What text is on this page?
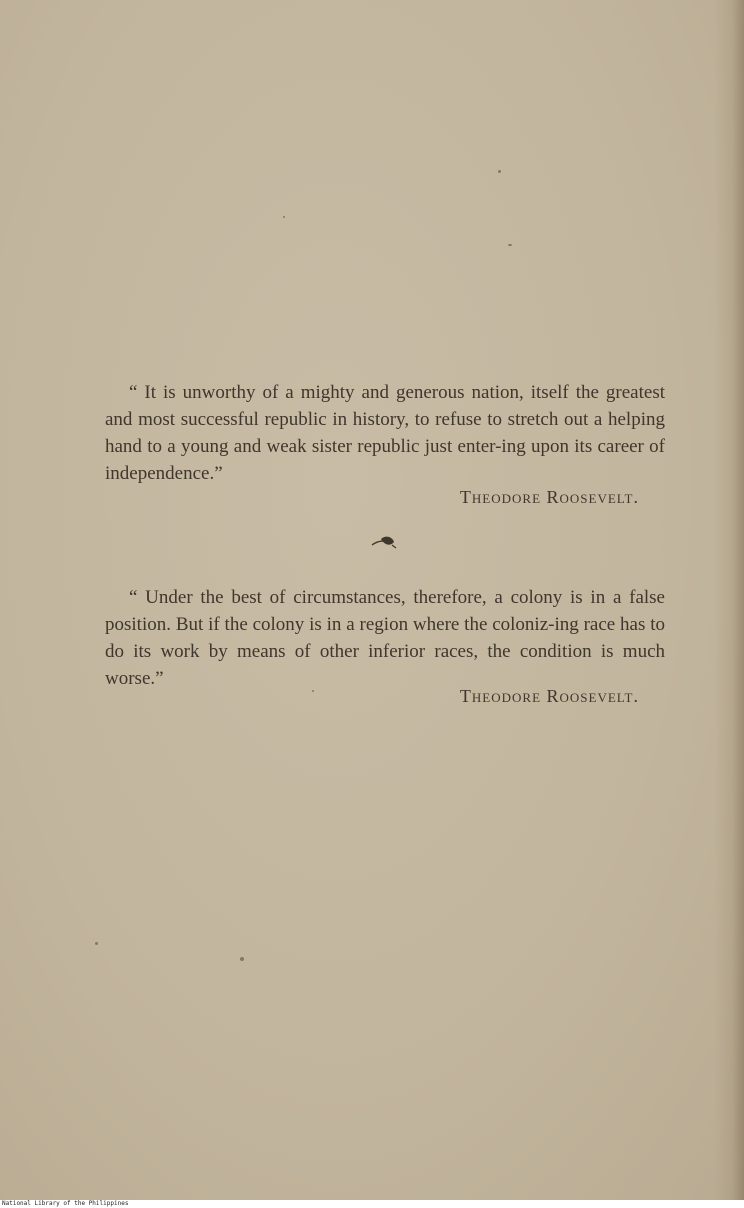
“ It is unworthy of a mighty and generous nation, itself the greatest and most successful republic in history, to refuse to stretch out a helping hand to a young and weak sister republic just enter-ing upon its career of independence.”
Theodore Roosevelt.
“ Under the best of circumstances, therefore, a colony is in a false position. But if the colony is in a region where the coloniz-ing race has to do its work by means of other inferior races, the condition is much worse.”
Theodore Roosevelt.
National Library of the Philippines
